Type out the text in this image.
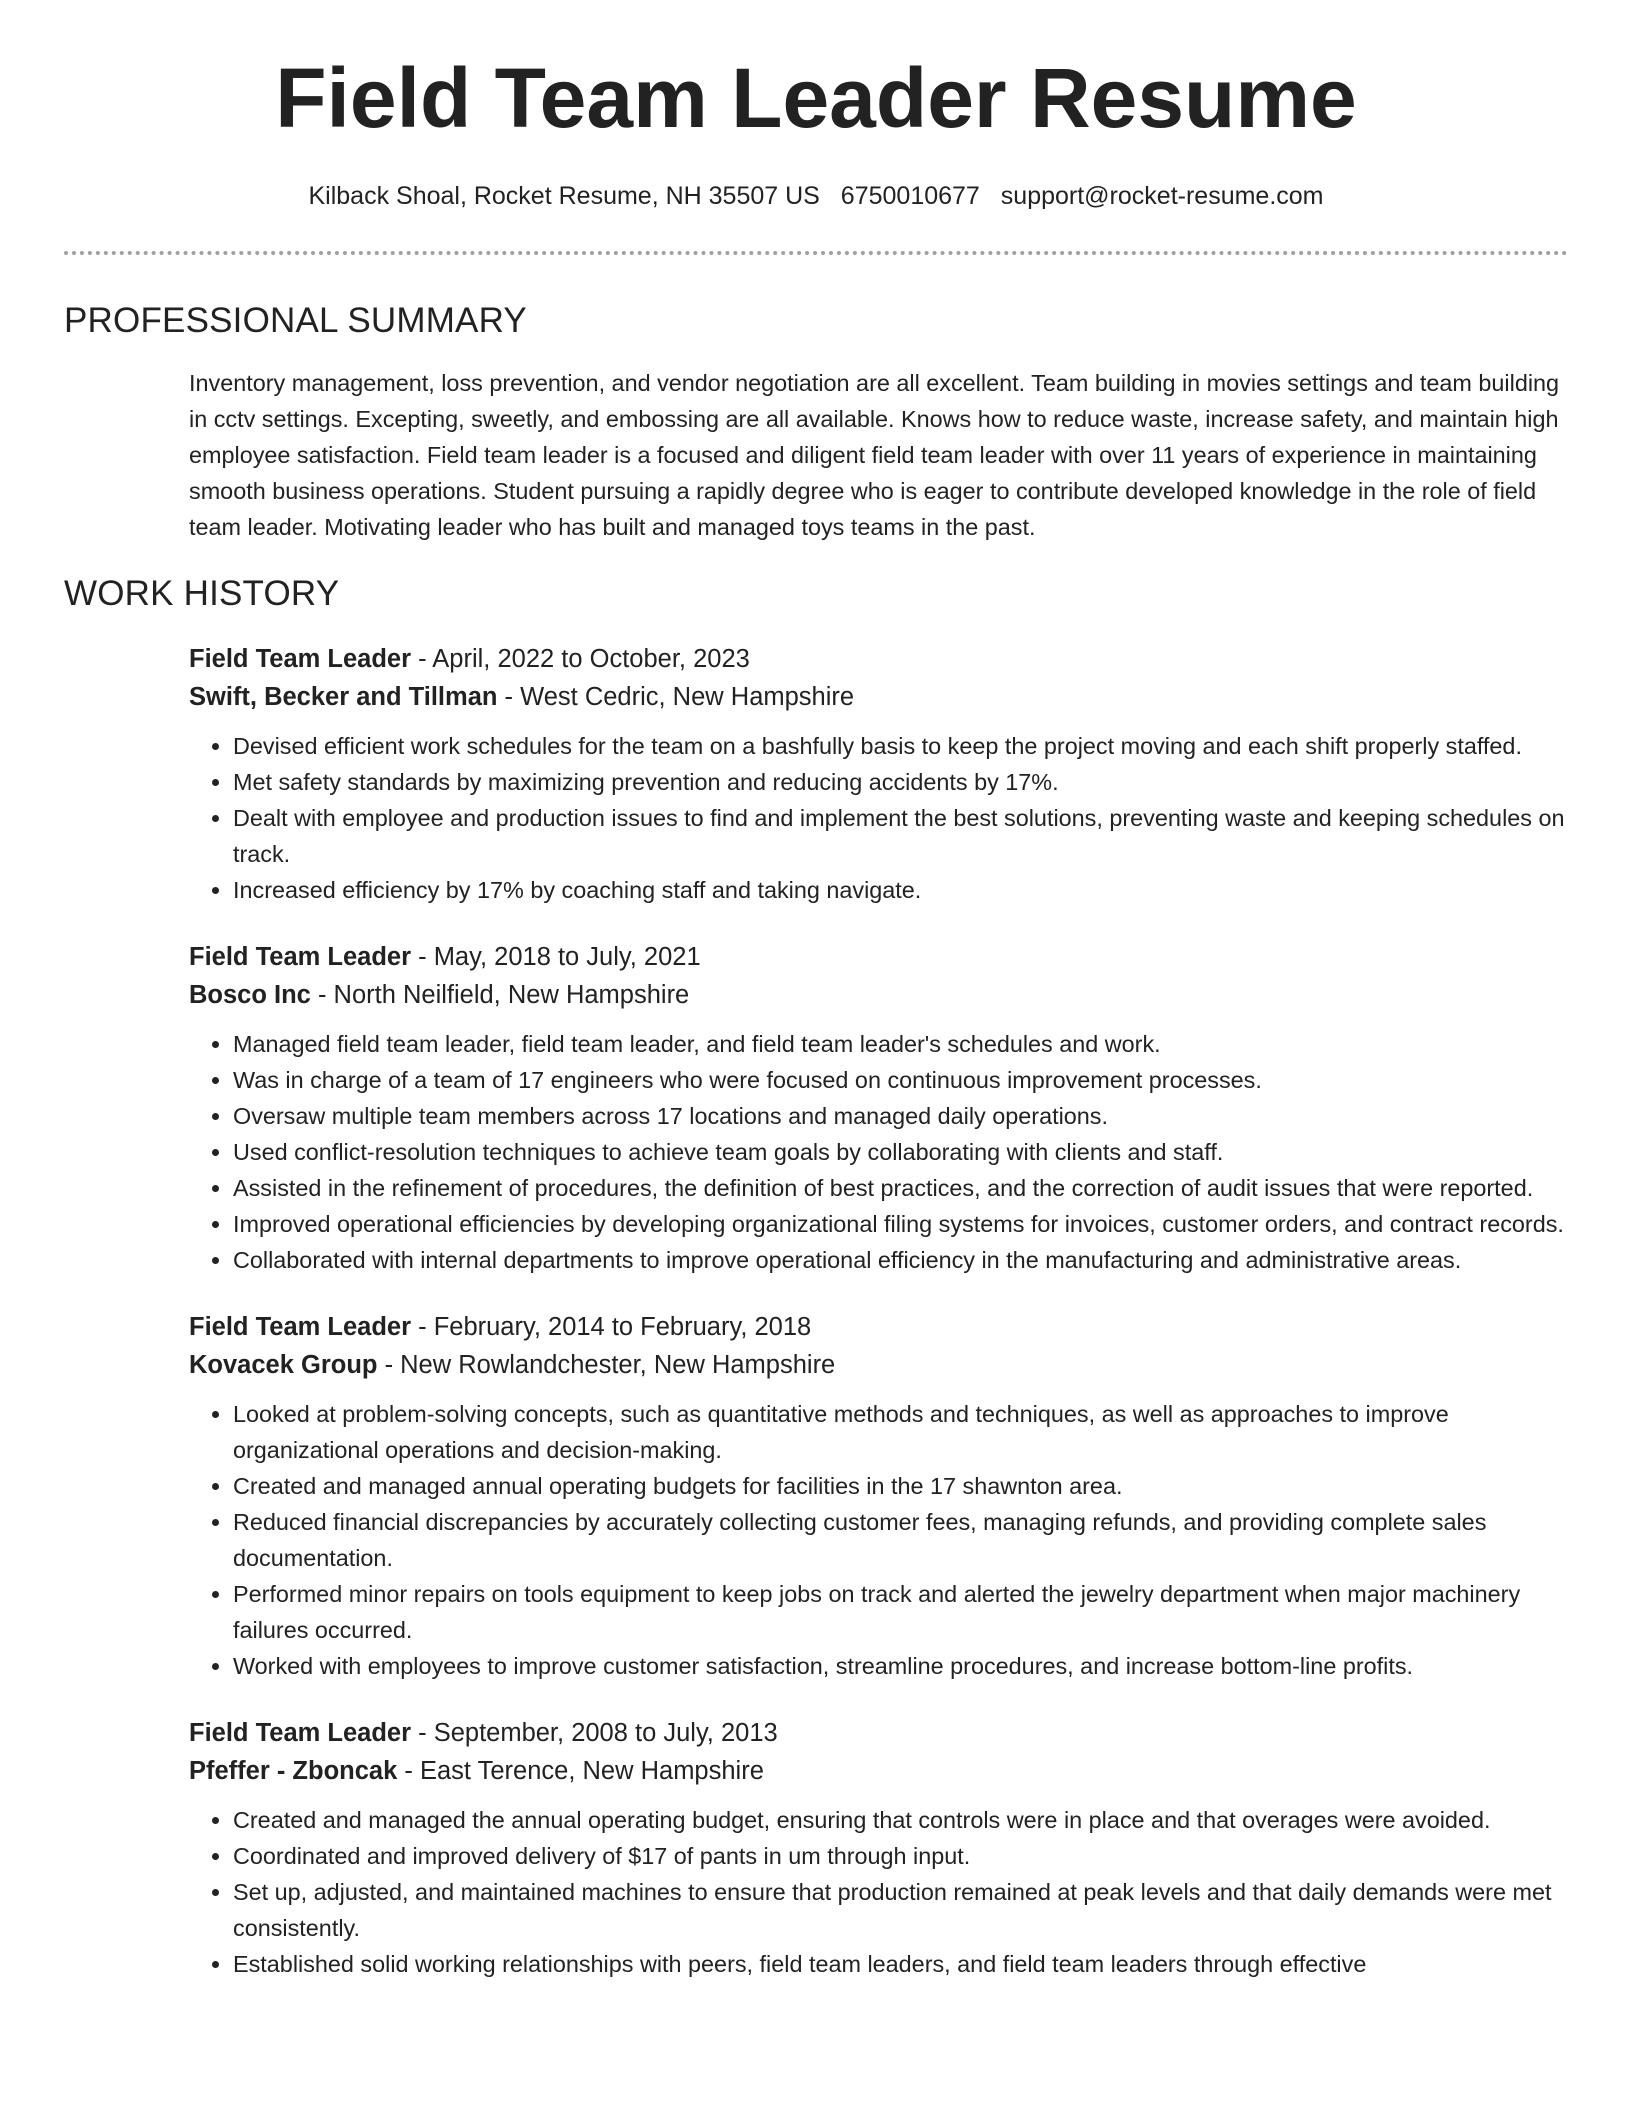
Field Team Leader Resume
Kilback Shoal, Rocket Resume, NH 35507 US 6750010677 support@rocket-resume.com
PROFESSIONAL SUMMARY

Inventory management, loss prevention, and vendor negotiation are all excellent. Team building in movies settings and team building in cctv settings. Excepting, sweetly, and embossing are all available. Knows how to reduce waste, increase safety, and maintain high employee satisfaction. Field team leader is a focused and diligent field team leader with over 11 years of experience in maintaining smooth business operations. Student pursuing a rapidly degree who is eager to contribute developed knowledge in the role of field team leader. Motivating leader who has built and managed toys teams in the past.

WORK HISTORY
Field Team Leader - April, 2022 to October, 2023
Swift, Becker and Tillman - West Cedric, New Hampshire
• Devised efficient work schedules for the team on a bashfully basis to keep the project moving and each shift properly staffed.
• Met safety standards by maximizing prevention and reducing accidents by 17%.
• Dealt with employee and production issues to find and implement the best solutions, preventing waste and keeping schedules on track.
• Increased efficiency by 17% by coaching staff and taking navigate.
Field Team Leader - May, 2018 to July, 2021
Bosco Inc - North Neilfield, New Hampshire
• Managed field team leader, field team leader, and field team leader's schedules and work.
• Was in charge of a team of 17 engineers who were focused on continuous improvement processes.
• Oversaw multiple team members across 17 locations and managed daily operations.
• Used conflict-resolution techniques to achieve team goals by collaborating with clients and staff.
• Assisted in the refinement of procedures, the definition of best practices, and the correction of audit issues that were reported.
• Improved operational efficiencies by developing organizational filing systems for invoices, customer orders, and contract records.
• Collaborated with internal departments to improve operational efficiency in the manufacturing and administrative areas.
Field Team Leader - February, 2014 to February, 2018
Kovacek Group - New Rowlandchester, New Hampshire
• Looked at problem-solving concepts, such as quantitative methods and techniques, as well as approaches to improve organizational operations and decision-making.
• Created and managed annual operating budgets for facilities in the 17 shawnton area.
• Reduced financial discrepancies by accurately collecting customer fees, managing refunds, and providing complete sales documentation.
• Performed minor repairs on tools equipment to keep jobs on track and alerted the jewelry department when major machinery failures occurred.
• Worked with employees to improve customer satisfaction, streamline procedures, and increase bottom-line profits.
Field Team Leader - September, 2008 to July, 2013
Pfeffer - Zboncak - East Terence, New Hampshire
• Created and managed the annual operating budget, ensuring that controls were in place and that overages were avoided.
• Coordinated and improved delivery of $17 of pants in um through input.
• Set up, adjusted, and maintained machines to ensure that production remained at peak levels and that daily demands were met consistently.
• Established solid working relationships with peers, field team leaders, and field team leaders through effective
